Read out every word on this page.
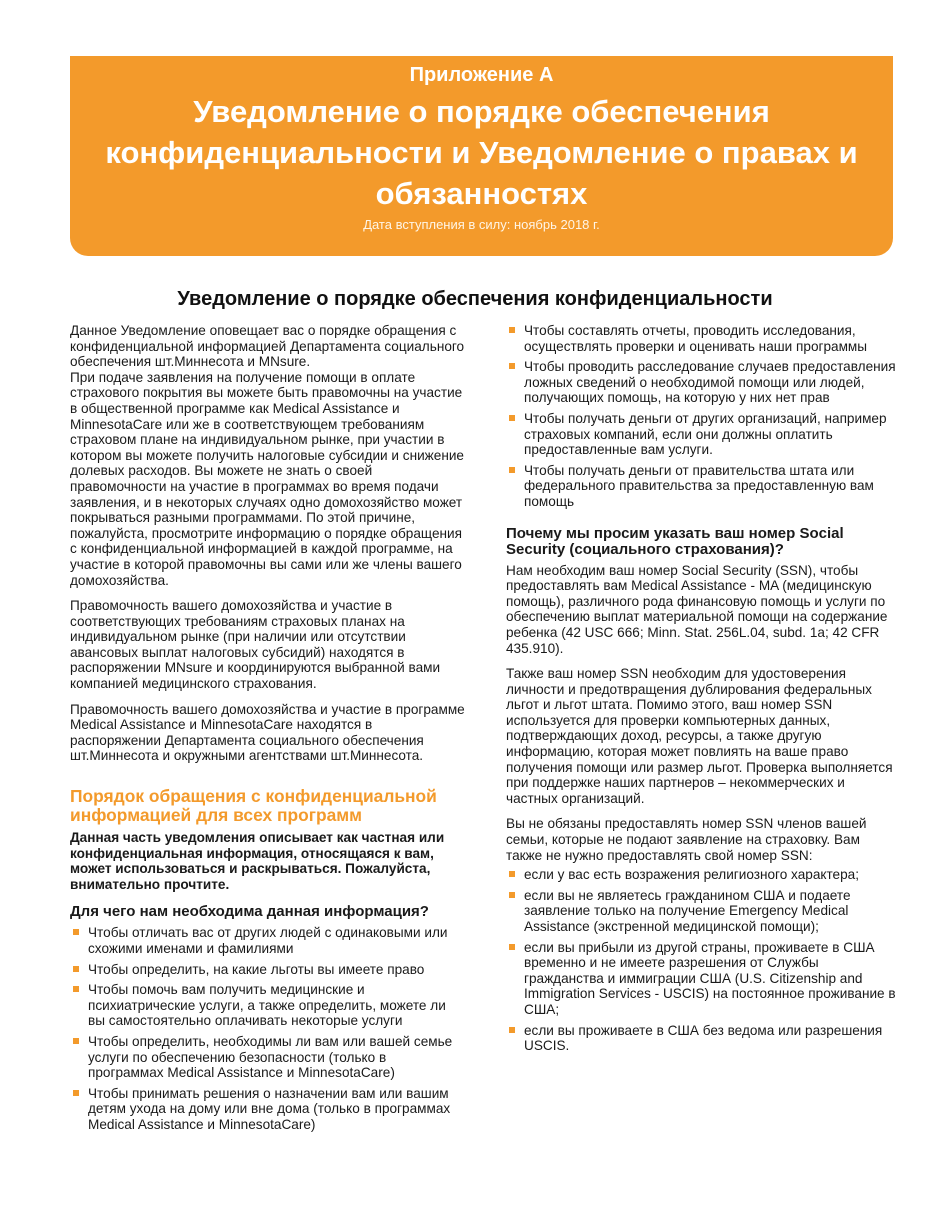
Приложение А
Уведомление о порядке обеспечения конфиденциальности и Уведомление о правах и обязанностях
Дата вступления в силу: ноябрь 2018 г.
Уведомление о порядке обеспечения конфиденциальности

Данное Уведомление оповещает вас о порядке обращения с конфиденциальной информацией Департамента социального обеспечения шт.Миннесота и MNsure.
При подаче заявления на получение помощи в оплате страхового покрытия вы можете быть правомочны на участие в общественной программе как Medical Assistance и MinnesotaCare или же в соответствующем требованиям страховом плане на индивидуальном рынке, при участии в котором вы можете получить налоговые субсидии и снижение долевых расходов. Вы можете не знать о своей правомочности на участие в программах во время подачи заявления, и в некоторых случаях одно домохозяйство может покрываться разными программами. По этой причине, пожалуйста, просмотрите информацию о порядке обращения с конфиденциальной информацией в каждой программе, на участие в которой правомочны вы сами или же члены вашего домохозяйства.

Правомочность вашего домохозяйства и участие в соответствующих требованиям страховых планах на индивидуальном рынке (при наличии или отсутствии авансовых выплат налоговых субсидий) находятся в распоряжении MNsure и координируются выбранной вами компанией медицинского страхования.

Правомочность вашего домохозяйства и участие в программе Medical Assistance и MinnesotaCare находятся в распоряжении Департамента социального обеспечения шт.Миннесота и окружными агентствами шт.Миннесота.

Порядок обращения с конфиденциальной информацией для всех программ

Данная часть уведомления описывает как частная или конфиденциальная информация, относящаяся к вам, может использоваться и раскрываться. Пожалуйста, внимательно прочтите.

Для чего нам необходима данная информация?
Чтобы отличать вас от других людей с одинаковыми или схожими именами и фамилиями
Чтобы определить, на какие льготы вы имеете право
Чтобы помочь вам получить медицинские и психиатрические услуги, а также определить, можете ли вы самостоятельно оплачивать некоторые услуги
Чтобы определить, необходимы ли вам или вашей семье услуги по обеспечению безопасности (только в программах Medical Assistance и MinnesotaCare)
Чтобы принимать решения о назначении вам или вашим детям ухода на дому или вне дома (только в программах Medical Assistance и MinnesotaCare)
Чтобы составлять отчеты, проводить исследования, осуществлять проверки и оценивать наши программы
Чтобы проводить расследование случаев предоставления ложных сведений о необходимой помощи или людей, получающих помощь, на которую у них нет прав
Чтобы получать деньги от других организаций, например страховых компаний, если они должны оплатить предоставленные вам услуги.
Чтобы получать деньги от правительства штата или федерального правительства за предоставленную вам помощь
Почему мы просим указать ваш номер Social Security (социального страхования)?

Нам необходим ваш номер Social Security (SSN), чтобы предоставлять вам Medical Assistance - MA (медицинскую помощь), различного рода финансовую помощь и услуги по обеспечению выплат материальной помощи на содержание ребенка (42 USC 666; Minn. Stat. 256L.04, subd. 1a; 42 CFR 435.910).

Также ваш номер SSN необходим для удостоверения личности и предотвращения дублирования федеральных льгот и льгот штата. Помимо этого, ваш номер SSN используется для проверки компьютерных данных, подтверждающих доход, ресурсы, а также другую информацию, которая может повлиять на ваше право получения помощи или размер льгот. Проверка выполняется при поддержке наших партнеров – некоммерческих и частных организаций.

Вы не обязаны предоставлять номер SSN членов вашей семьи, которые не подают заявление на страховку. Вам также не нужно предоставлять свой номер SSN:

если у вас есть возражения религиозного характера;
если вы не являетесь гражданином США и подаете заявление только на получение Emergency Medical Assistance (экстренной медицинской помощи);
если вы прибыли из другой страны, проживаете в США временно и не имеете разрешения от Службы гражданства и иммиграции США (U.S. Citizenship and Immigration Services - USCIS) на постоянное проживание в США;
если вы проживаете в США без ведома или разрешения USCIS.
